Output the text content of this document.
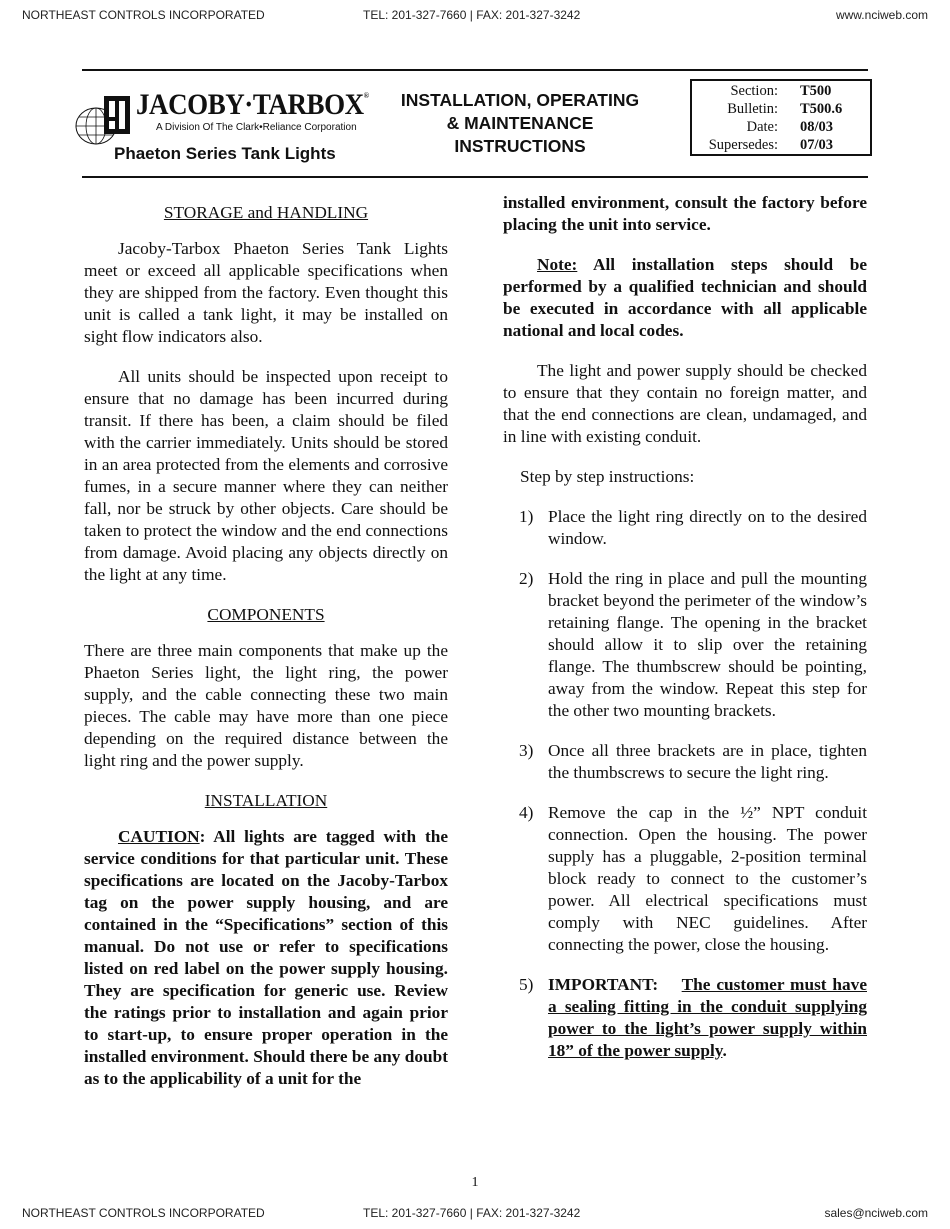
NORTHEAST CONTROLS INCORPORATED	TEL: 201-327-7660 | FAX: 201-327-3242	www.nciweb.com
JACOBY·TARBOX®
A Division Of The Clark•Reliance Corporation
Phaeton Series Tank Lights
INSTALLATION, OPERATING
& MAINTENANCE
INSTRUCTIONS
Section: T500
Bulletin: T500.6
Date: 08/03
Supersedes: 07/03

STORAGE and HANDLING

Jacoby-Tarbox Phaeton Series Tank Lights meet or exceed all applicable specifications when they are shipped from the factory. Even thought this unit is called a tank light, it may be installed on sight flow indicators also.

All units should be inspected upon receipt to ensure that no damage has been incurred during transit. If there has been, a claim should be filed with the carrier immediately. Units should be stored in an area protected from the elements and corrosive fumes, in a secure manner where they can neither fall, nor be struck by other objects. Care should be taken to protect the window and the end connections from damage. Avoid placing any objects directly on the light at any time.

COMPONENTS

There are three main components that make up the Phaeton Series light, the light ring, the power supply, and the cable connecting these two main pieces. The cable may have more than one piece depending on the required distance between the light ring and the power supply.

INSTALLATION

CAUTION: All lights are tagged with the service conditions for that particular unit. These specifications are located on the Jacoby-Tarbox tag on the power supply housing, and are contained in the “Specifications” section of this manual. Do not use or refer to specifications listed on red label on the power supply housing. They are specification for generic use. Review the ratings prior to installation and again prior to start-up, to ensure proper operation in the installed environment. Should there be any doubt as to the applicability of a unit for the

installed environment, consult the factory before placing the unit into service.

Note: All installation steps should be performed by a qualified technician and should be executed in accordance with all applicable national and local codes.

The light and power supply should be checked to ensure that they contain no foreign matter, and that the end connections are clean, undamaged, and in line with existing conduit.

Step by step instructions:

1) Place the light ring directly on to the desired window.
2) Hold the ring in place and pull the mounting bracket beyond the perimeter of the window’s retaining flange. The opening in the bracket should allow it to slip over the retaining flange. The thumbscrew should be pointing, away from the window. Repeat this step for the other two mounting brackets.
3) Once all three brackets are in place, tighten the thumbscrews to secure the light ring.
4) Remove the cap in the ½” NPT conduit connection. Open the housing. The power supply has a pluggable, 2-position terminal block ready to connect to the customer’s power. All electrical specifications must comply with NEC guidelines. After connecting the power, close the housing.
5) IMPORTANT: The customer must have a sealing fitting in the conduit supplying power to the light’s power supply within 18” of the power supply.
1
NORTHEAST CONTROLS INCORPORATED	TEL: 201-327-7660 | FAX: 201-327-3242	sales@nciweb.com
